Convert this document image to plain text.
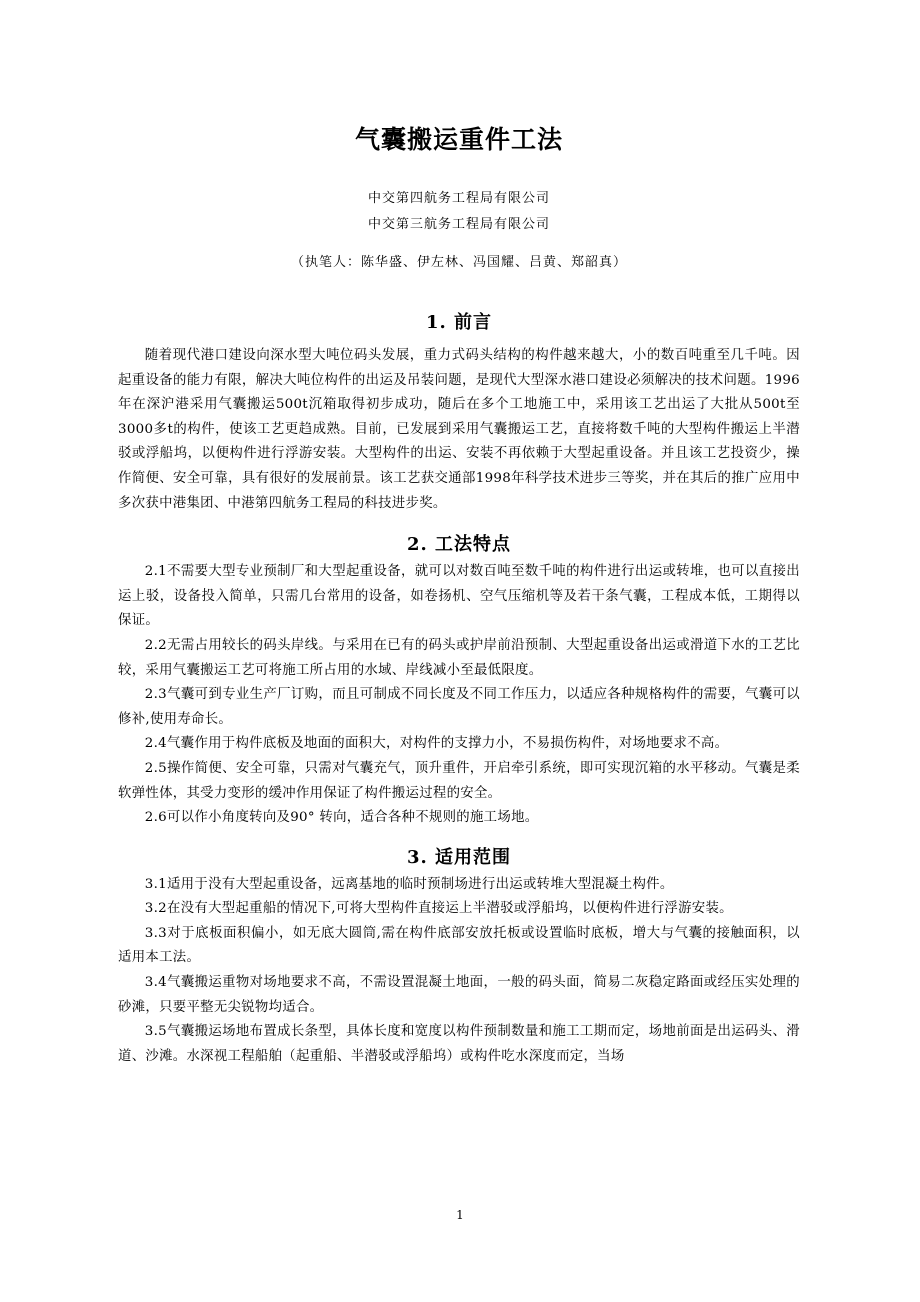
气囊搬运重件工法
中交第四航务工程局有限公司
中交第三航务工程局有限公司
（执笔人：陈华盛、伊左林、冯国耀、吕黄、郑韶真）
1. 前言

随着现代港口建设向深水型大吨位码头发展，重力式码头结构的构件越来越大，小的数百吨重至几千吨。因起重设备的能力有限，解决大吨位构件的出运及吊装问题，是现代大型深水港口建设必须解决的技术问题。1996年在深沪港采用气囊搬运500t沉箱取得初步成功，随后在多个工地施工中，采用该工艺出运了大批从500t至3000多t的构件，使该工艺更趋成熟。目前，已发展到采用气囊搬运工艺，直接将数千吨的大型构件搬运上半潜驳或浮船坞，以便构件进行浮游安装。大型构件的出运、安装不再依赖于大型起重设备。并且该工艺投资少，操作简便、安全可靠，具有很好的发展前景。该工艺获交通部1998年科学技术进步三等奖，并在其后的推广应用中多次获中港集团、中港第四航务工程局的科技进步奖。

2. 工法特点

2.1不需要大型专业预制厂和大型起重设备，就可以对数百吨至数千吨的构件进行出运或转堆，也可以直接出运上驳，设备投入简单，只需几台常用的设备，如卷扬机、空气压缩机等及若干条气囊，工程成本低，工期得以保证。

2.2无需占用较长的码头岸线。与采用在已有的码头或护岸前沿预制、大型起重设备出运或滑道下水的工艺比较，采用气囊搬运工艺可将施工所占用的水域、岸线减小至最低限度。

2.3气囊可到专业生产厂订购，而且可制成不同长度及不同工作压力，以适应各种规格构件的需要，气囊可以修补,使用寿命长。

2.4气囊作用于构件底板及地面的面积大，对构件的支撑力小，不易损伤构件，对场地要求不高。

2.5操作简便、安全可靠，只需对气囊充气，顶升重件，开启牵引系统，即可实现沉箱的水平移动。气囊是柔软弹性体，其受力变形的缓冲作用保证了构件搬运过程的安全。

2.6可以作小角度转向及90° 转向，适合各种不规则的施工场地。

3. 适用范围

3.1适用于没有大型起重设备，远离基地的临时预制场进行出运或转堆大型混凝土构件。

3.2在没有大型起重船的情况下,可将大型构件直接运上半潜驳或浮船坞，以便构件进行浮游安装。

3.3对于底板面积偏小，如无底大圆筒,需在构件底部安放托板或设置临时底板，增大与气囊的接触面积，以适用本工法。

3.4气囊搬运重物对场地要求不高，不需设置混凝土地面，一般的码头面，简易二灰稳定路面或经压实处理的砂滩，只要平整无尖锐物均适合。

3.5气囊搬运场地布置成长条型，具体长度和宽度以构件预制数量和施工工期而定，场地前面是出运码头、滑道、沙滩。水深视工程船舶（起重船、半潜驳或浮船坞）或构件吃水深度而定，当场

1
